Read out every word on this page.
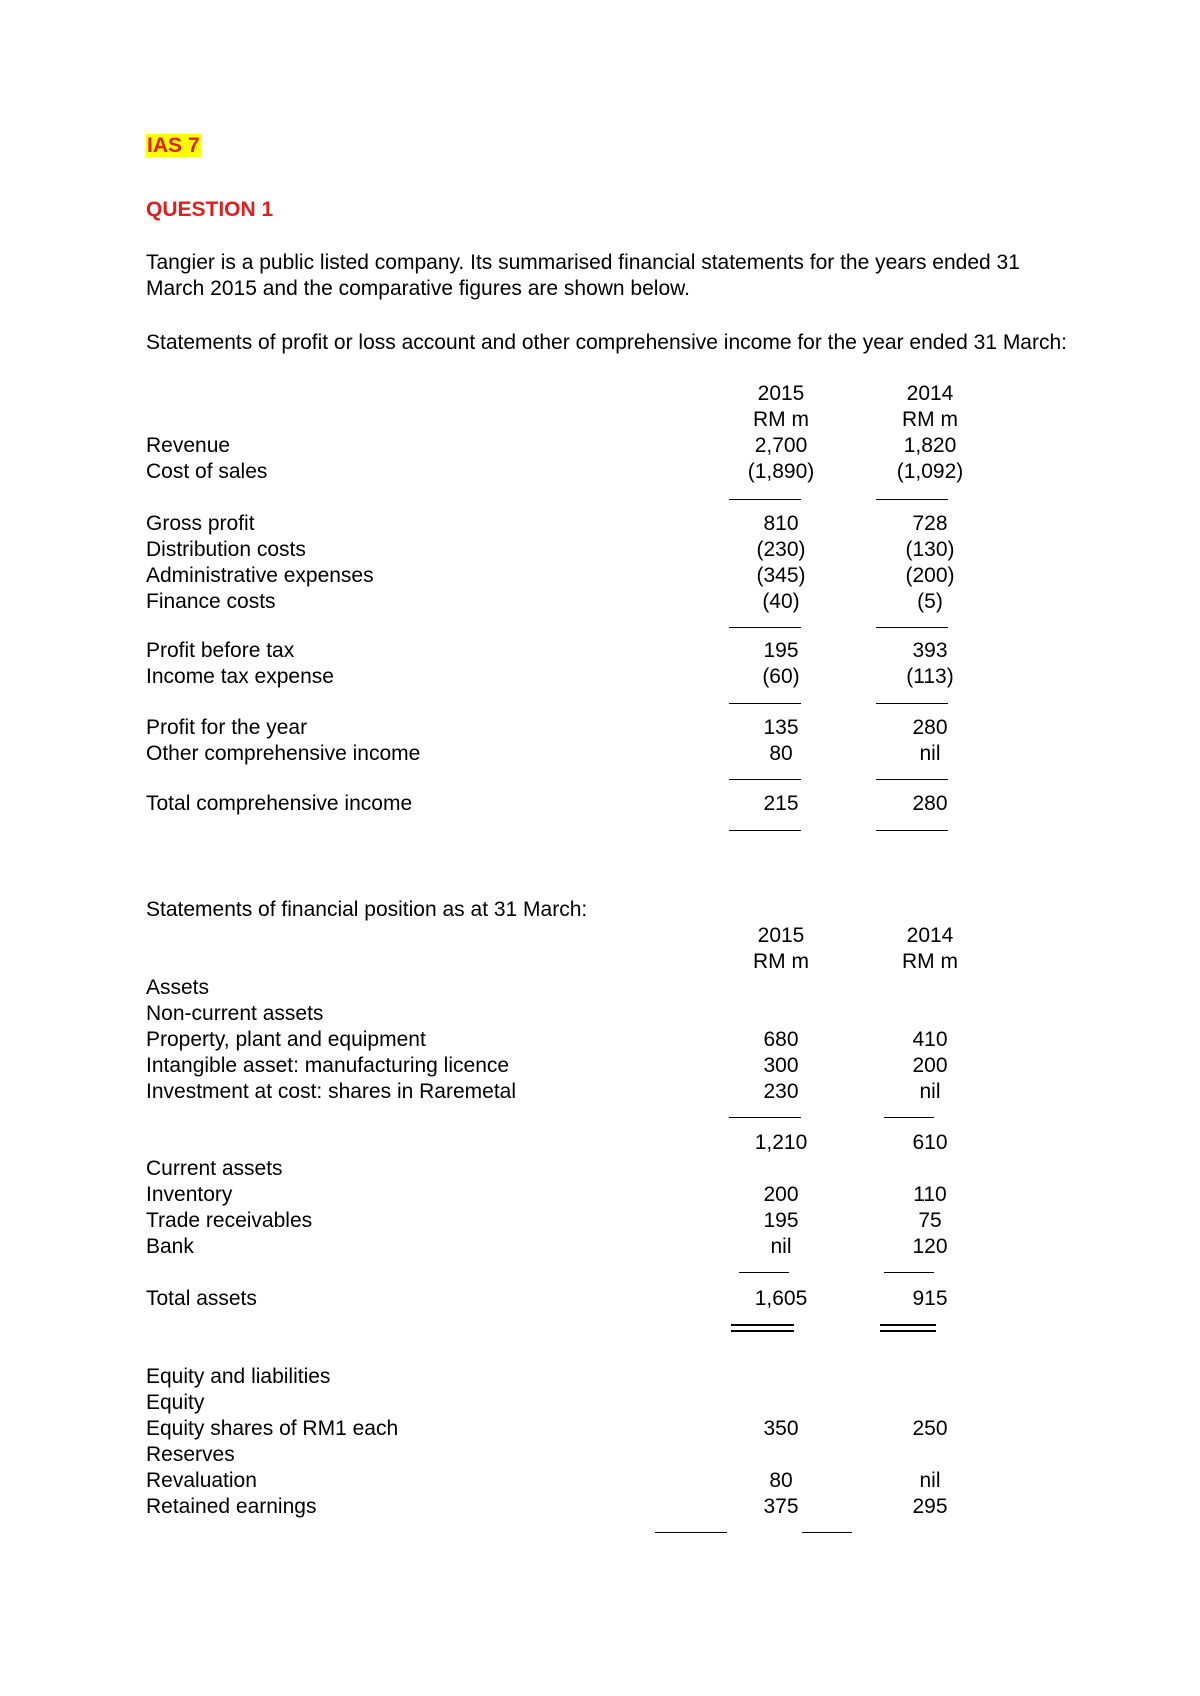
IAS 7
QUESTION 1

Tangier is a public listed company. Its summarised financial statements for the years ended 31 March 2015 and the comparative figures are shown below.

Statements of profit or loss account and other comprehensive income for the year ended 31 March:

2015	2014
RM m	RM m
Revenue	2,700	1,820
Cost of sales	(1,890)	(1,092)
Gross profit	810	728
Distribution costs	(230)	(130)
Administrative expenses	(345)	(200)
Finance costs	(40)	(5)
Profit before tax	195	393
Income tax expense	(60)	(113)
Profit for the year	135	280
Other comprehensive income	80	nil
Total comprehensive income	215	280
Statements of financial position as at 31 March:
2015	2014
RM m	RM m
Assets
Non-current assets
Property, plant and equipment	680	410
Intangible asset: manufacturing licence	300	200
Investment at cost: shares in Raremetal	230	nil
1,210	610
Current assets
Inventory	200	110
Trade receivables	195	75
Bank	nil	120
Total assets	1,605	915
Equity and liabilities
Equity
Equity shares of RM1 each	350	250
Reserves
Revaluation	80	nil
Retained earnings	375	295
